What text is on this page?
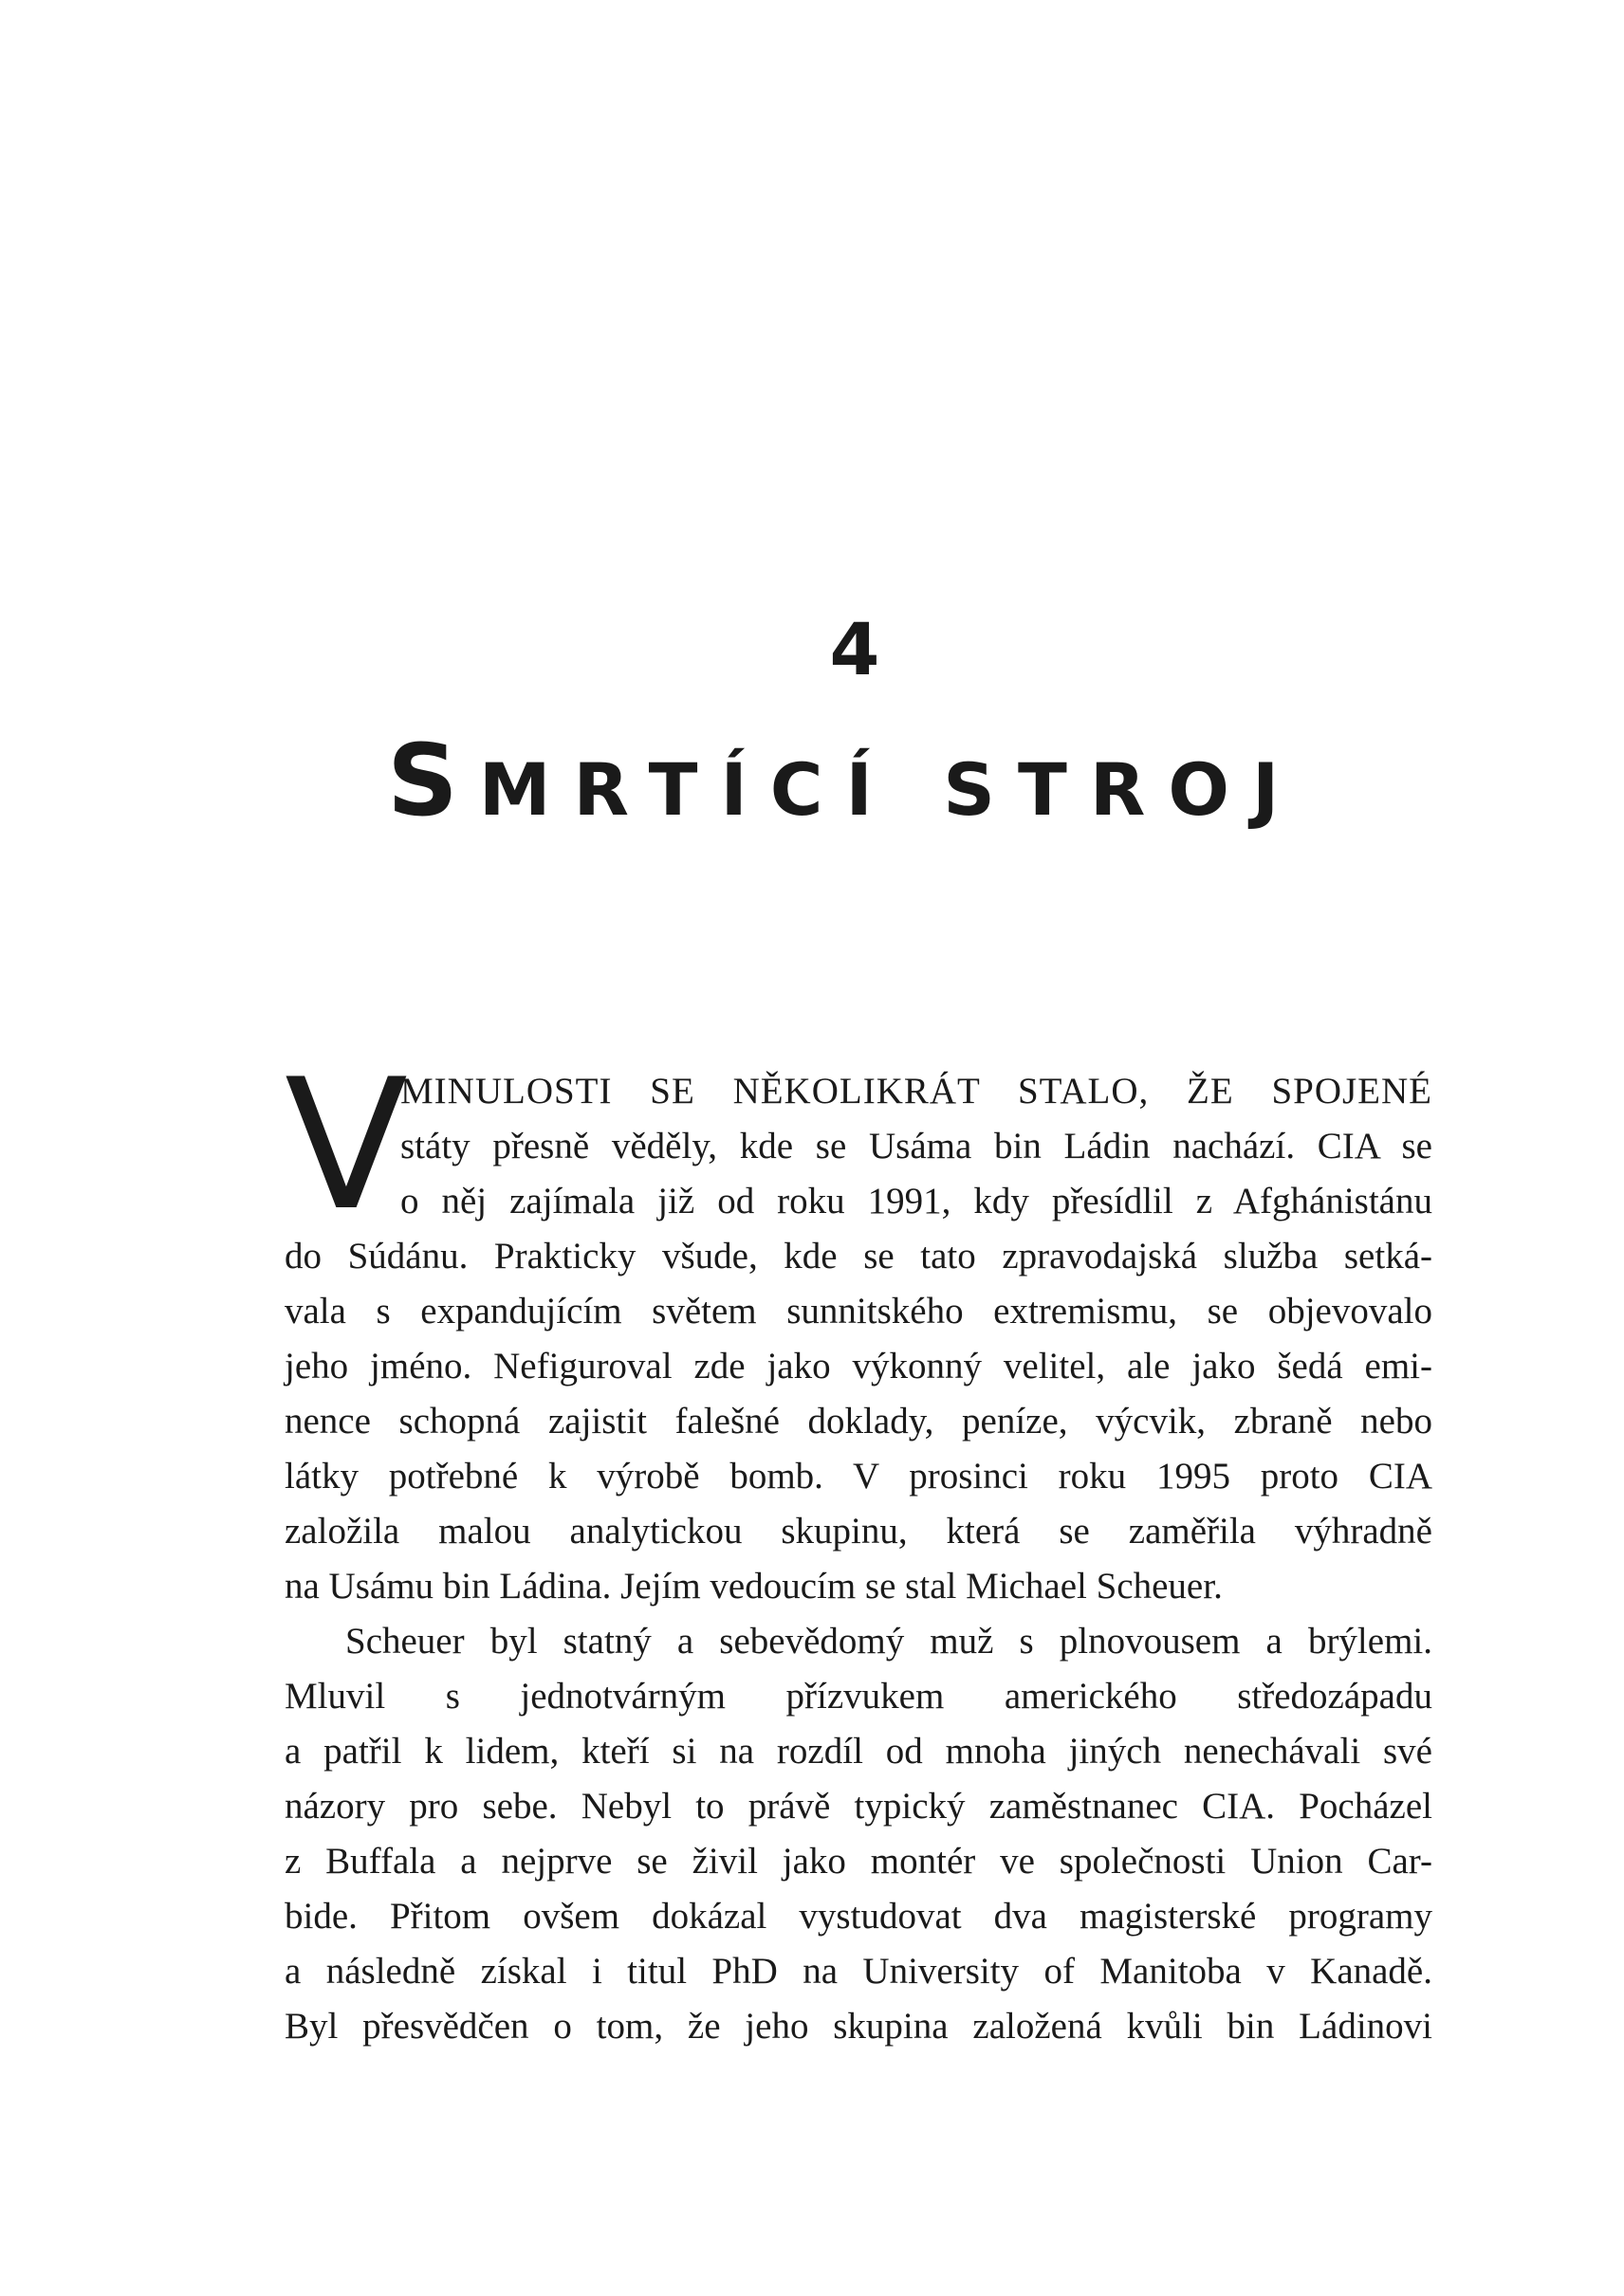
4
SMRTÍCÍ STROJ
V
MINULOSTI SE NĚKOLIKRÁT STALO, ŽE SPOJENÉ
státy přesně věděly, kde se Usáma bin Ládin nachází. CIA se
o něj zajímala již od roku 1991, kdy přesídlil z Afghánistánu
do Súdánu. Prakticky všude, kde se tato zpravodajská služba setká-
vala s expandujícím světem sunnitského extremismu, se objevovalo
jeho jméno. Nefiguroval zde jako výkonný velitel, ale jako šedá emi-
nence schopná zajistit falešné doklady, peníze, výcvik, zbraně nebo
látky potřebné k výrobě bomb. V prosinci roku 1995 proto CIA
založila malou analytickou skupinu, která se zaměřila výhradně
na Usámu bin Ládina. Jejím vedoucím se stal Michael Scheuer.
Scheuer byl statný a sebevědomý muž s plnovousem a brýlemi.
Mluvil s jednotvárným přízvukem amerického středozápadu
a patřil k lidem, kteří si na rozdíl od mnoha jiných nenechávali své
názory pro sebe. Nebyl to právě typický zaměstnanec CIA. Pocházel
z Buffala a nejprve se živil jako montér ve společnosti Union Car-
bide. Přitom ovšem dokázal vystudovat dva magisterské programy
a následně získal i titul PhD na University of Manitoba v Kanadě.
Byl přesvědčen o tom, že jeho skupina založená kvůli bin Ládinovi
